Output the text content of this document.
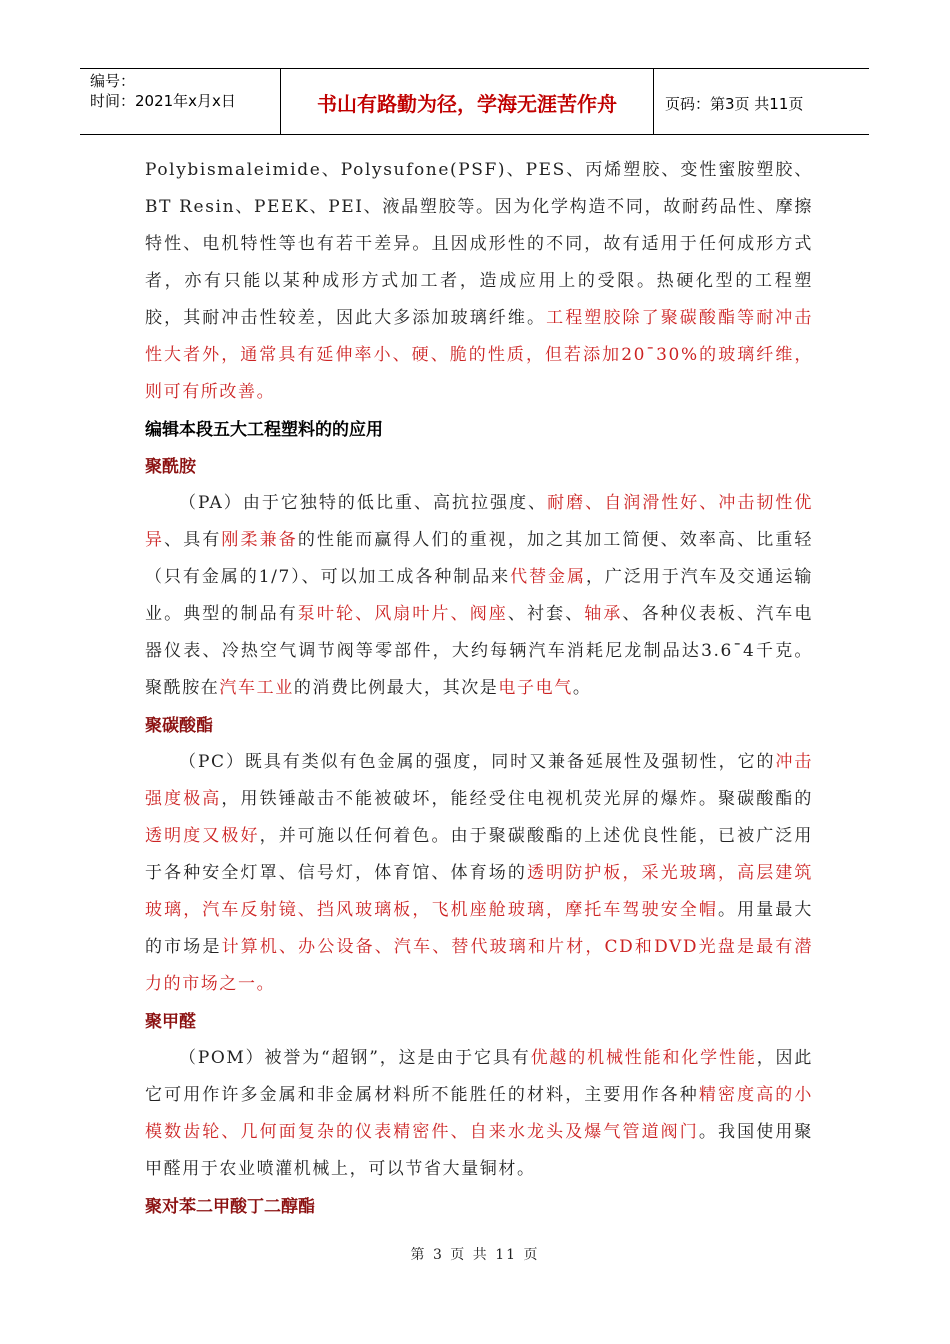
编号：
时间：2021年x月x日	书山有路勤为径，学海无涯苦作舟	页码：第3页 共11页

Polybismaleimide、Polysufone(PSF)、PES、丙烯塑胶、变性蜜胺塑胶、BT Resin、PEEK、PEI、液晶塑胶等。因为化学构造不同，故耐药品性、摩擦特性、电机特性等也有若干差异。且因成形性的不同，故有适用于任何成形方式者，亦有只能以某种成形方式加工者，造成应用上的受限。热硬化型的工程塑胶，其耐冲击性较差，因此大多添加玻璃纤维。工程塑胶除了聚碳酸酯等耐冲击性大者外，通常具有延伸率小、硬、脆的性质，但若添加20¯30%的玻璃纤维，则可有所改善。

编辑本段五大工程塑料的的应用
聚酰胺

（PA）由于它独特的低比重、高抗拉强度、耐磨、自润滑性好、冲击韧性优异、具有刚柔兼备的性能而赢得人们的重视，加之其加工简便、效率高、比重轻（只有金属的1/7）、可以加工成各种制品来代替金属，广泛用于汽车及交通运输业。典型的制品有泵叶轮、风扇叶片、阀座、衬套、轴承、各种仪表板、汽车电器仪表、冷热空气调节阀等零部件，大约每辆汽车消耗尼龙制品达3.6¯4千克。聚酰胺在汽车工业的消费比例最大，其次是电子电气。

聚碳酸酯

（PC）既具有类似有色金属的强度，同时又兼备延展性及强韧性，它的冲击强度极高，用铁锤敲击不能被破坏，能经受住电视机荧光屏的爆炸。聚碳酸酯的透明度又极好，并可施以任何着色。由于聚碳酸酯的上述优良性能，已被广泛用于各种安全灯罩、信号灯，体育馆、体育场的透明防护板，采光玻璃，高层建筑玻璃，汽车反射镜、挡风玻璃板，飞机座舱玻璃，摩托车驾驶安全帽。用量最大的市场是计算机、办公设备、汽车、替代玻璃和片材，CD和DVD光盘是最有潜力的市场之一。

聚甲醛

（POM）被誉为“超钢”，这是由于它具有优越的机械性能和化学性能，因此它可用作许多金属和非金属材料所不能胜任的材料，主要用作各种精密度高的小模数齿轮、几何面复杂的仪表精密件、自来水龙头及爆气管道阀门。我国使用聚甲醛用于农业喷灌机械上，可以节省大量铜材。

聚对苯二甲酸丁二醇酯
第 3 页 共 11 页
